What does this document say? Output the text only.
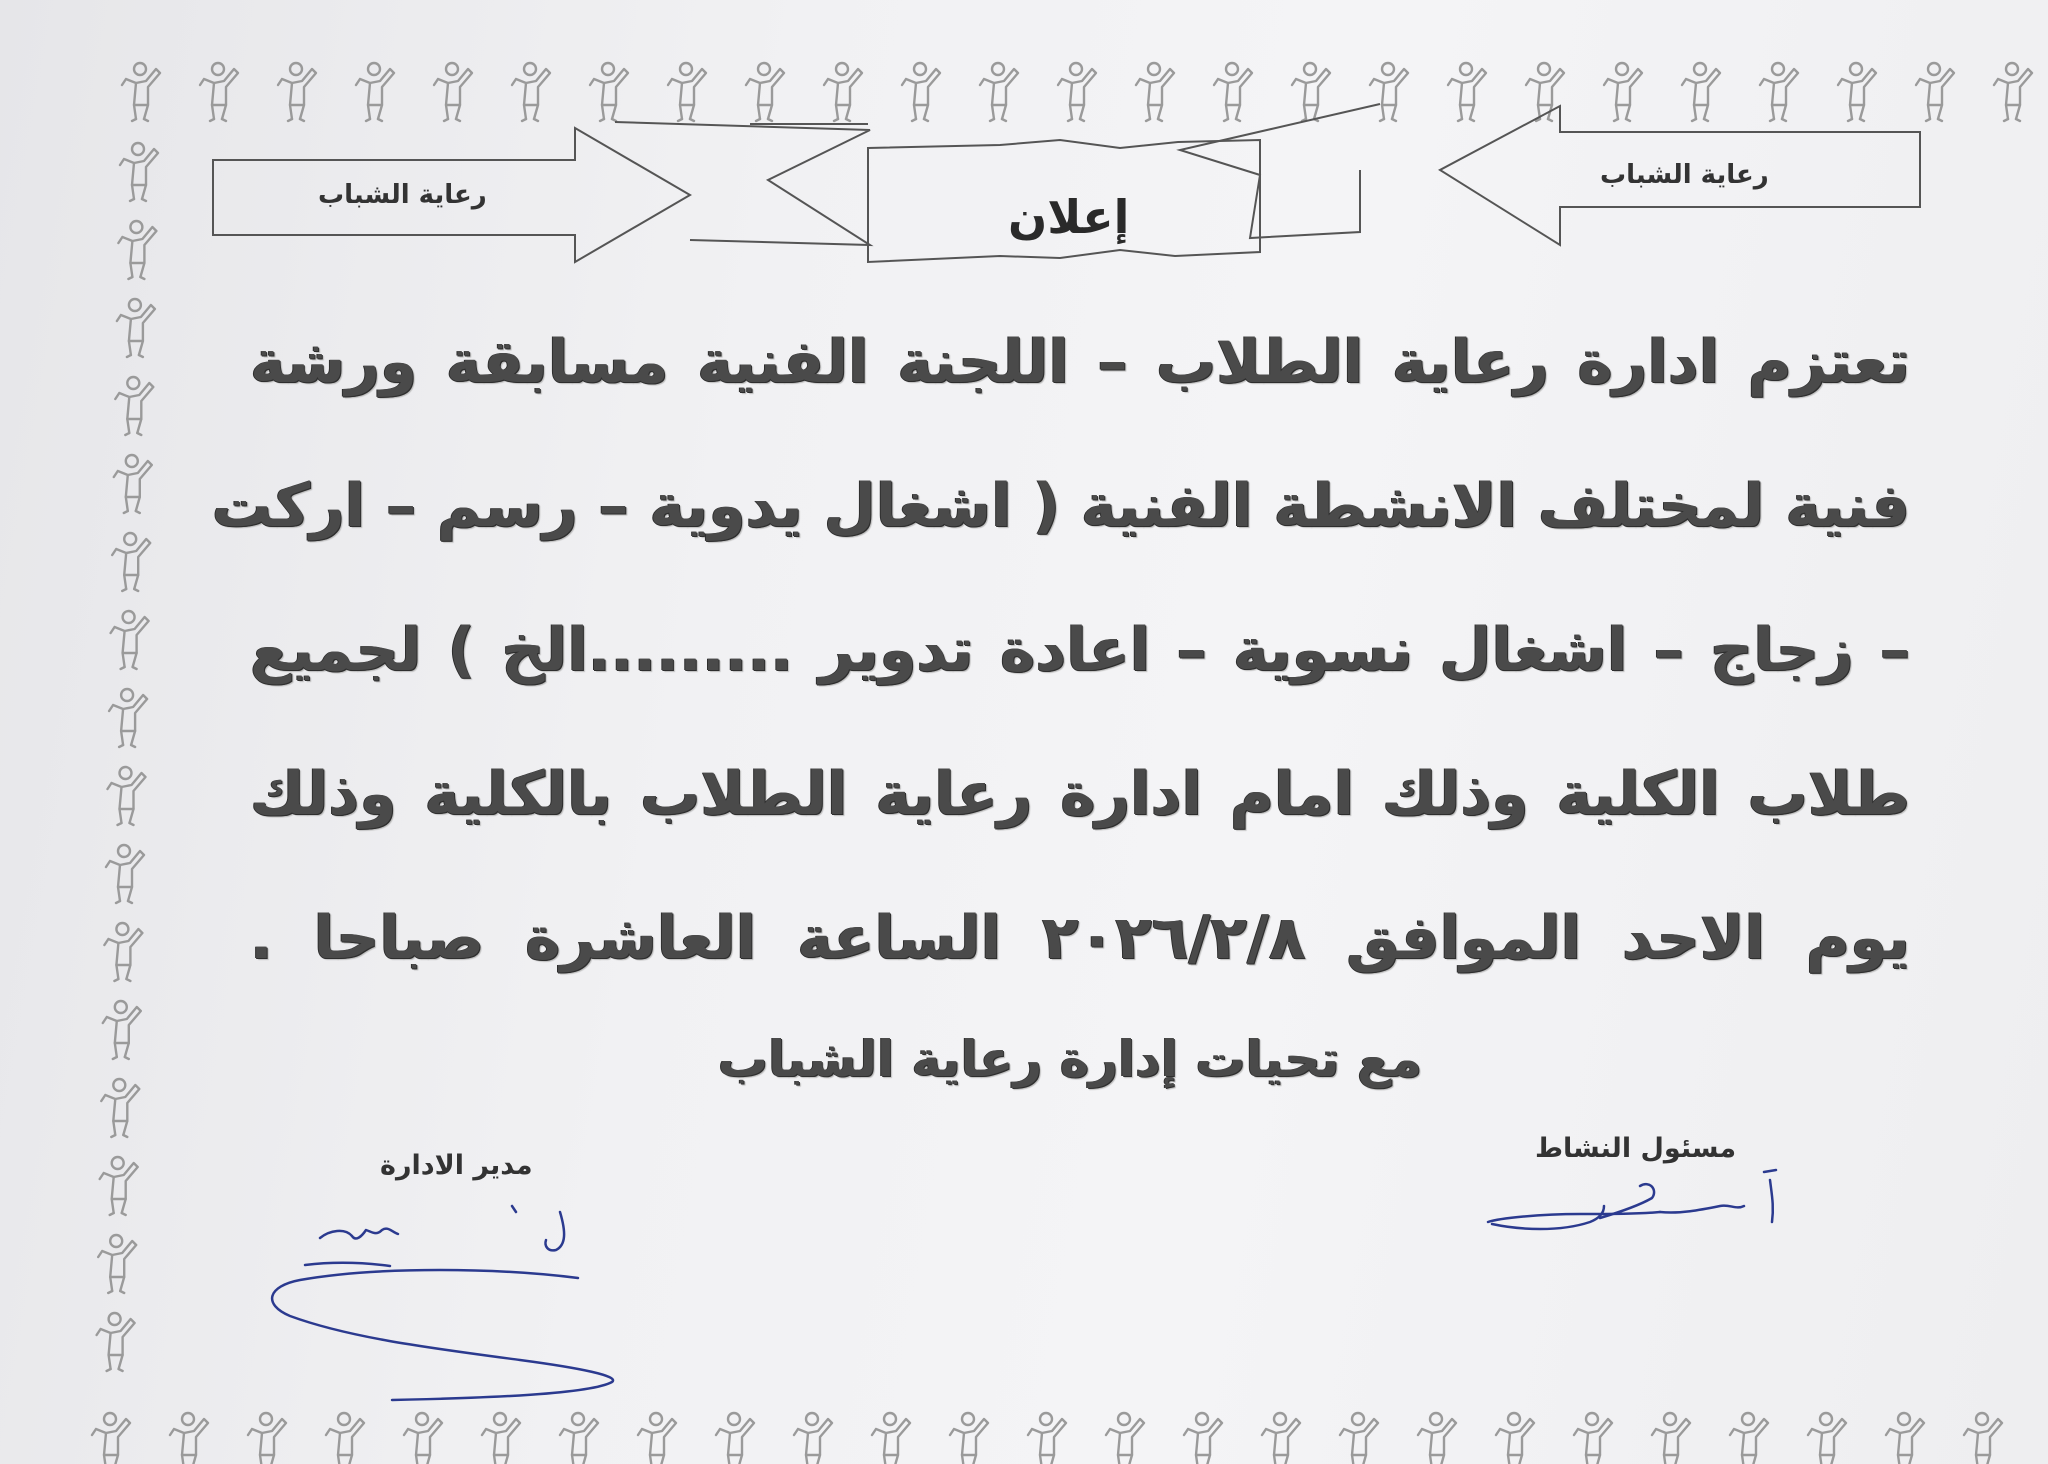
رعاية الشباب
رعاية الشباب
إعلان
تعتزم ادارة رعاية الطلاب – اللجنة الفنية مسابقة ورشة
فنية لمختلف الانشطة الفنية ( اشغال يدوية – رسم – اركت
– زجاج – اشغال نسوية – اعادة تدوير .........الخ ) لجميع
طلاب الكلية وذلك امام ادارة رعاية الطلاب بالكلية وذلك
يوم الاحد الموافق ٢٠٢٦/٢/٨ الساعة العاشرة صباحا .
مع تحيات إدارة رعاية الشباب
مدير الادارة
مسئول النشاط
